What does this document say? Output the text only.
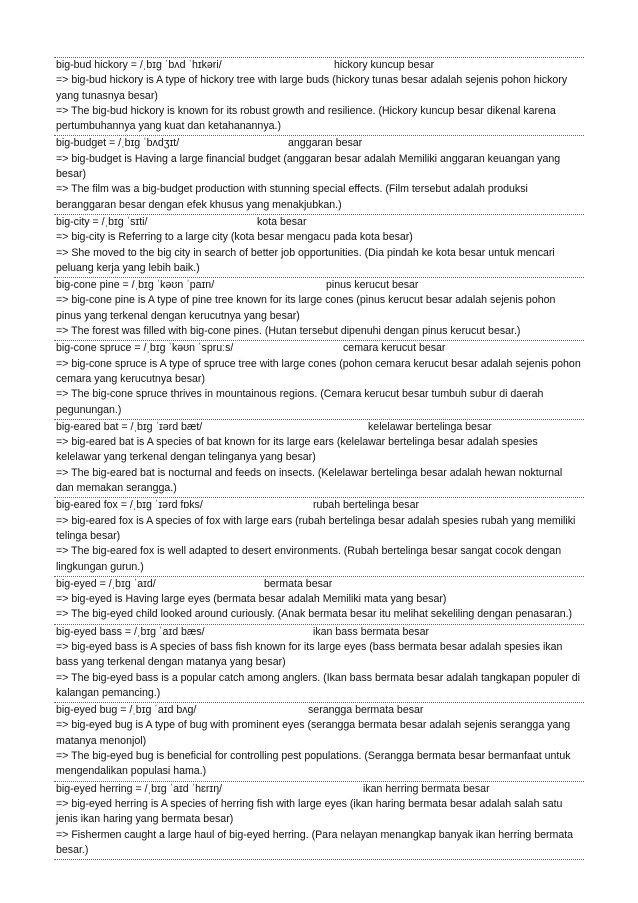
big-bud hickory = /ˌbɪɡ ˈbʌd ˈhɪkəri/	hickory kuncup besar
=> big-bud hickory is A type of hickory tree with large buds (hickory tunas besar adalah sejenis pohon hickory yang tunasnya besar)
=> The big-bud hickory is known for its robust growth and resilience. (Hickory kuncup besar dikenal karena pertumbuhannya yang kuat dan ketahanannya.)
big-budget = /ˌbɪɡ ˈbʌdʒɪt/	anggaran besar
=> big-budget is Having a large financial budget (anggaran besar adalah Memiliki anggaran keuangan yang besar)
=> The film was a big-budget production with stunning special effects. (Film tersebut adalah produksi beranggaran besar dengan efek khusus yang menakjubkan.)
big-city = /ˌbɪɡ ˈsɪti/	kota besar
=> big-city is Referring to a large city (kota besar mengacu pada kota besar)
=> She moved to the big city in search of better job opportunities. (Dia pindah ke kota besar untuk mencari peluang kerja yang lebih baik.)
big-cone pine = /ˌbɪɡ ˈkəʊn ˈpaɪn/	pinus kerucut besar
=> big-cone pine is A type of pine tree known for its large cones (pinus kerucut besar adalah sejenis pohon pinus yang terkenal dengan kerucutnya yang besar)
=> The forest was filled with big-cone pines. (Hutan tersebut dipenuhi dengan pinus kerucut besar.)
big-cone spruce = /ˌbɪɡ ˈkəʊn ˈspruːs/	cemara kerucut besar
=> big-cone spruce is A type of spruce tree with large cones (pohon cemara kerucut besar adalah sejenis pohon cemara yang kerucutnya besar)
=> The big-cone spruce thrives in mountainous regions. (Cemara kerucut besar tumbuh subur di daerah pegunungan.)
big-eared bat = /ˌbɪɡ ˈɪərd bæt/	kelelawar bertelinga besar
=> big-eared bat is A species of bat known for its large ears (kelelawar bertelinga besar adalah spesies kelelawar yang terkenal dengan telinganya yang besar)
=> The big-eared bat is nocturnal and feeds on insects. (Kelelawar bertelinga besar adalah hewan nokturnal dan memakan serangga.)
big-eared fox = /ˌbɪɡ ˈɪərd fɒks/	rubah bertelinga besar
=> big-eared fox is A species of fox with large ears (rubah bertelinga besar adalah spesies rubah yang memiliki telinga besar)
=> The big-eared fox is well adapted to desert environments. (Rubah bertelinga besar sangat cocok dengan lingkungan gurun.)
big-eyed = /ˌbɪɡ ˈaɪd/	bermata besar
=> big-eyed is Having large eyes (bermata besar adalah Memiliki mata yang besar)
=> The big-eyed child looked around curiously. (Anak bermata besar itu melihat sekeliling dengan penasaran.)
big-eyed bass = /ˌbɪɡ ˈaɪd bæs/	ikan bass bermata besar
=> big-eyed bass is A species of bass fish known for its large eyes (bass bermata besar adalah spesies ikan bass yang terkenal dengan matanya yang besar)
=> The big-eyed bass is a popular catch among anglers. (Ikan bass bermata besar adalah tangkapan populer di kalangan pemancing.)
big-eyed bug = /ˌbɪɡ ˈaɪd bʌɡ/	serangga bermata besar
=> big-eyed bug is A type of bug with prominent eyes (serangga bermata besar adalah sejenis serangga yang matanya menonjol)
=> The big-eyed bug is beneficial for controlling pest populations. (Serangga bermata besar bermanfaat untuk mengendalikan populasi hama.)
big-eyed herring = /ˌbɪɡ ˈaɪd ˈhɛrɪŋ/	ikan herring bermata besar
=> big-eyed herring is A species of herring fish with large eyes (ikan haring bermata besar adalah salah satu jenis ikan haring yang bermata besar)
=> Fishermen caught a large haul of big-eyed herring. (Para nelayan menangkap banyak ikan herring bermata besar.)
